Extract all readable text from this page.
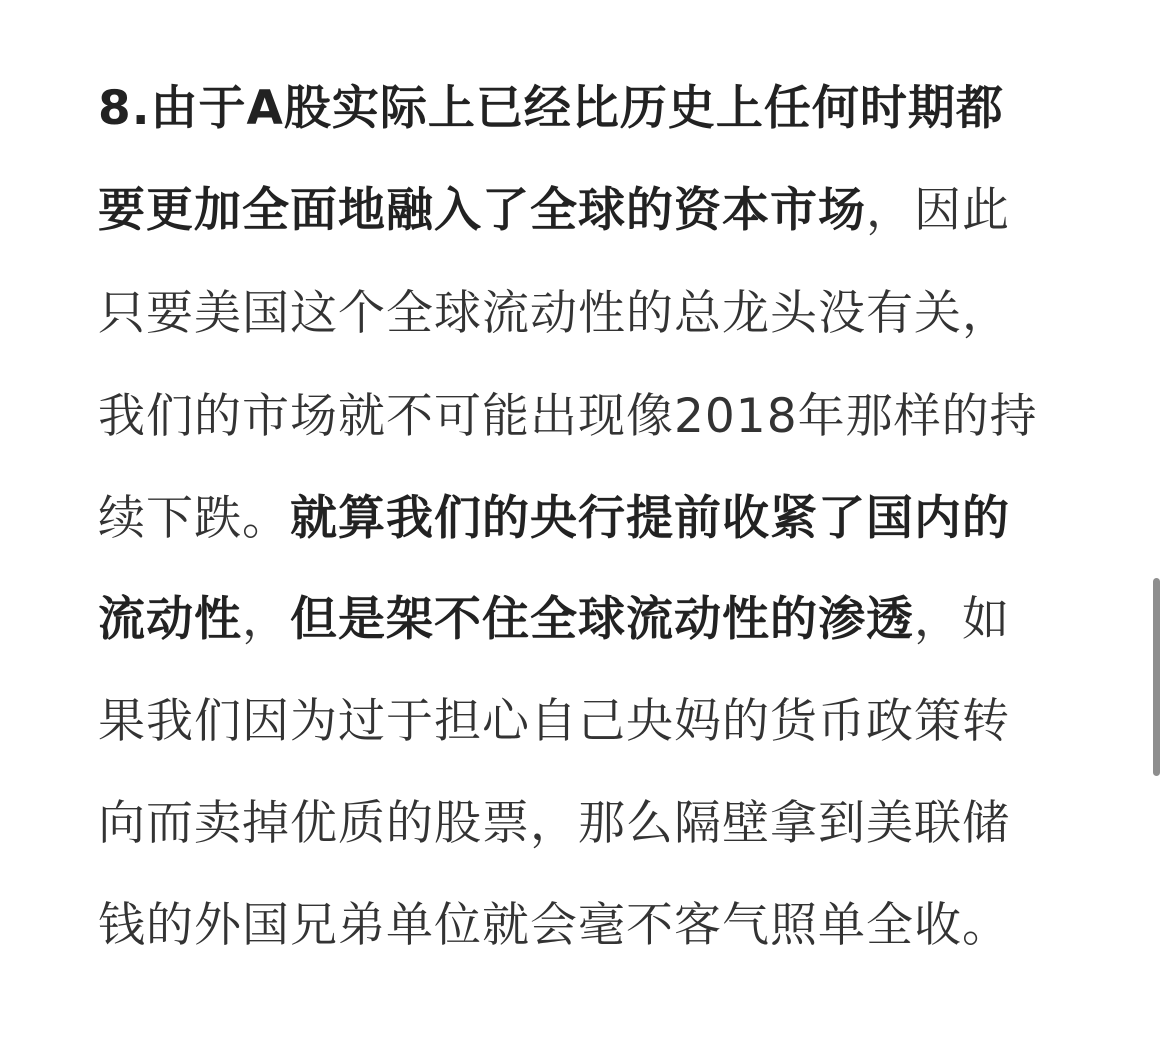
8.由于A股实际上已经比历史上任何时期都
要更加全面地融入了全球的资本市场，因此
只要美国这个全球流动性的总龙头没有关，
我们的市场就不可能出现像2018年那样的持
续下跌。就算我们的央行提前收紧了国内的
流动性，但是架不住全球流动性的渗透，如
果我们因为过于担心自己央妈的货币政策转
向而卖掉优质的股票，那么隔壁拿到美联储
钱的外国兄弟单位就会毫不客气照单全收。
